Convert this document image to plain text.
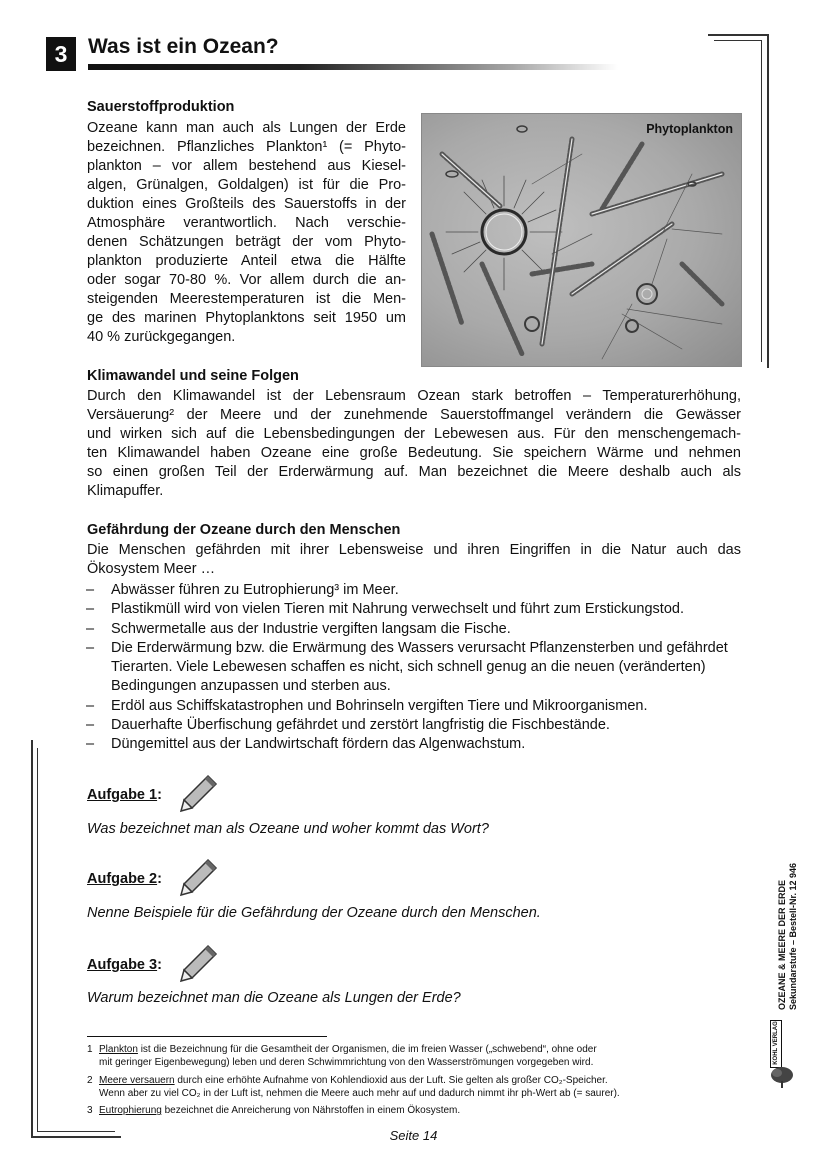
3 Was ist ein Ozean?
Sauerstoffproduktion
Ozeane kann man auch als Lungen der Erde
bezeichnen. Pflanzliches Plankton¹ (= Phyto-
plankton – vor allem bestehend aus Kiesel-
algen, Grünalgen, Goldalgen) ist für die Pro-
duktion eines Großteils des Sauerstoffs in der
Atmosphäre verantwortlich. Nach verschie-
denen Schätzungen beträgt der vom Phyto-
plankton produzierte Anteil etwa die Hälfte
oder sogar 70-80 %. Vor allem durch die an-
steigenden Meerestemperaturen ist die Men-
ge des marinen Phytoplanktons seit 1950 um
40 % zurückgegangen.
Phytoplankton
Klimawandel und seine Folgen
Durch den Klimawandel ist der Lebensraum Ozean stark betroffen – Temperaturerhöhung,
Versäuerung² der Meere und der zunehmende Sauerstoffmangel verändern die Gewässer
und wirken sich auf die Lebensbedingungen der Lebewesen aus. Für den menschengemach-
ten Klimawandel haben Ozeane eine große Bedeutung. Sie speichern Wärme und nehmen
so einen großen Teil der Erderwärmung auf. Man bezeichnet die Meere deshalb auch als
Klimapuffer.
Gefährdung der Ozeane durch den Menschen
Die Menschen gefährden mit ihrer Lebensweise und ihren Eingriffen in die Natur auch das
Ökosystem Meer …
– Abwässer führen zu Eutrophierung³ im Meer.
– Plastikmüll wird von vielen Tieren mit Nahrung verwechselt und führt zum Erstickungstod.
– Schwermetalle aus der Industrie vergiften langsam die Fische.
– Die Erderwärmung bzw. die Erwärmung des Wassers verursacht Pflanzensterben und gefährdet Tierarten. Viele Lebewesen schaffen es nicht, sich schnell genug an die neuen (veränderten) Bedingungen anzupassen und sterben aus.
– Erdöl aus Schiffskatastrophen und Bohrinseln vergiften Tiere und Mikroorganismen.
– Dauerhafte Überfischung gefährdet und zerstört langfristig die Fischbestände.
– Düngemittel aus der Landwirtschaft fördern das Algenwachstum.
Aufgabe 1:
Was bezeichnet man als Ozeane und woher kommt das Wort?
Aufgabe 2:
Nenne Beispiele für die Gefährdung der Ozeane durch den Menschen.
Aufgabe 3:
Warum bezeichnet man die Ozeane als Lungen der Erde?
1 Plankton ist die Bezeichnung für die Gesamtheit der Organismen, die im freien Wasser („schwebend“, ohne oder
mit geringer Eigenbewegung) leben und deren Schwimmrichtung von den Wasserströmungen vorgegeben wird.
2 Meere versauern durch eine erhöhte Aufnahme von Kohlendioxid aus der Luft. Sie gelten als großer CO₂-Speicher.
Wenn aber zu viel CO₂ in der Luft ist, nehmen die Meere auch mehr auf und dadurch nimmt ihr ph-Wert ab (= saurer).
3 Eutrophierung bezeichnet die Anreicherung von Nährstoffen in einem Ökosystem.
Seite 14
OZEANE & MEERE DER ERDE Sekundarstufe – Bestell-Nr. 12 946
KOHL VERLAG
